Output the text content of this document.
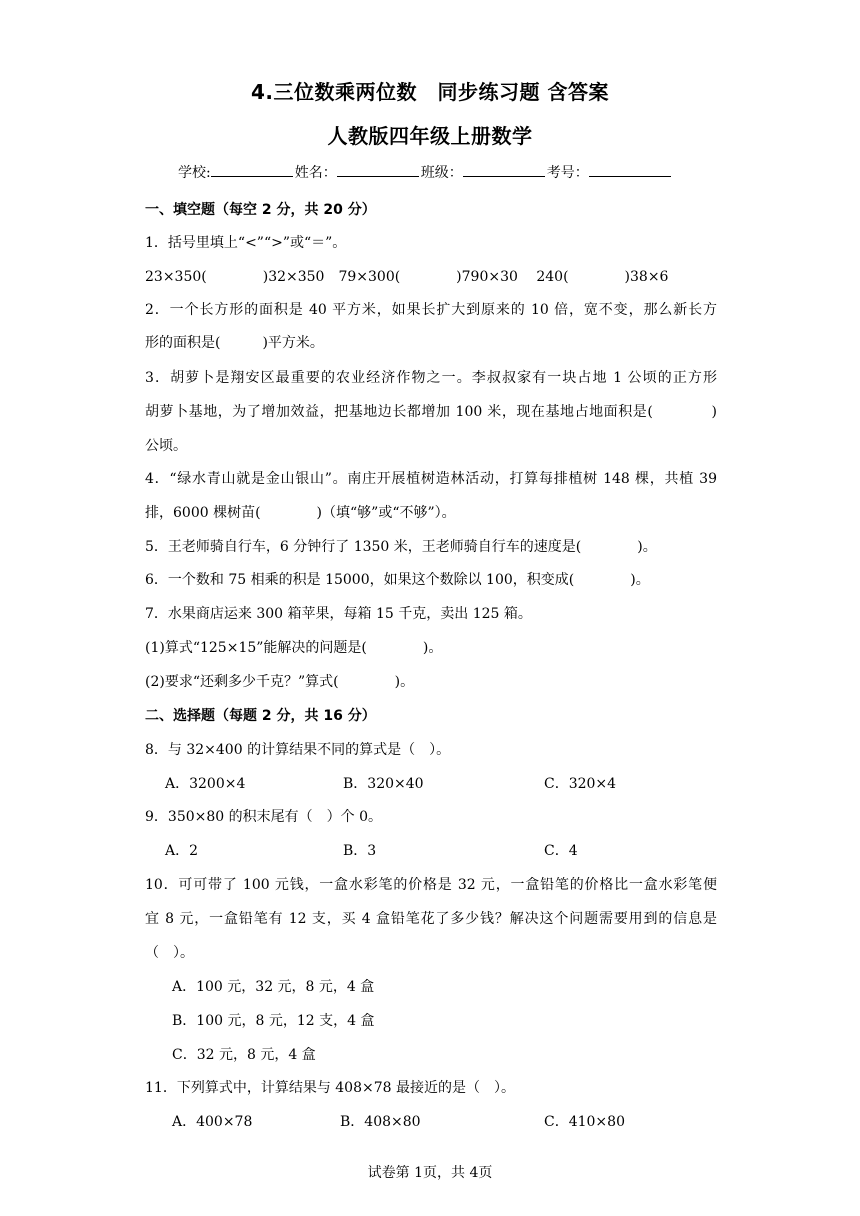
4.三位数乘两位数　同步练习题 含答案
人教版四年级上册数学
学校:	姓名：	班级：	考号：
一、填空题（每空 2 分，共 20 分）
1．括号里填上“<”“>”或“＝”。
23×350(　　　　)32×350　79×300(　　　　)790×30　 240(　　　　)38×6
2．一个长方形的面积是 40 平方米，如果长扩大到原来的 10 倍，宽不变，那么新长方
形的面积是(　　　)平方米。
3．胡萝卜是翔安区最重要的农业经济作物之一。李叔叔家有一块占地 1 公顷的正方形
胡萝卜基地，为了增加效益，把基地边长都增加 100 米，现在基地占地面积是(　　　　)
公顷。
4．“绿水青山就是金山银山”。南庄开展植树造林活动，打算每排植树 148 棵，共植 39
排，6000 棵树苗(　　　　)（填“够”或“不够”）。
5．王老师骑自行车，6 分钟行了 1350 米，王老师骑自行车的速度是(　　　　)。
6．一个数和 75 相乘的积是 15000，如果这个数除以 100，积变成(　　　　)。
7．水果商店运来 300 箱苹果，每箱 15 千克，卖出 125 箱。
(1)算式“125×15”能解决的问题是(　　　　)。
(2)要求“还剩多少千克？”算式(　　　　)。
二、选择题（每题 2 分，共 16 分）
8．与 32×400 的计算结果不同的算式是（　）。
A．3200×4	B．320×40	C．320×4
9．350×80 的积末尾有（　）个 0。
A．2	B．3	C．4
10．可可带了 100 元钱，一盒水彩笔的价格是 32 元，一盒铅笔的价格比一盒水彩笔便
宜 8 元，一盒铅笔有 12 支，买 4 盒铅笔花了多少钱？解决这个问题需要用到的信息是
（　）。
A．100 元，32 元，8 元，4 盒
B．100 元，8 元，12 支，4 盒
C．32 元，8 元，4 盒
11．下列算式中，计算结果与 408×78 最接近的是（　）。
A．400×78	B．408×80	C．410×80
试卷第 1页，共 4页
